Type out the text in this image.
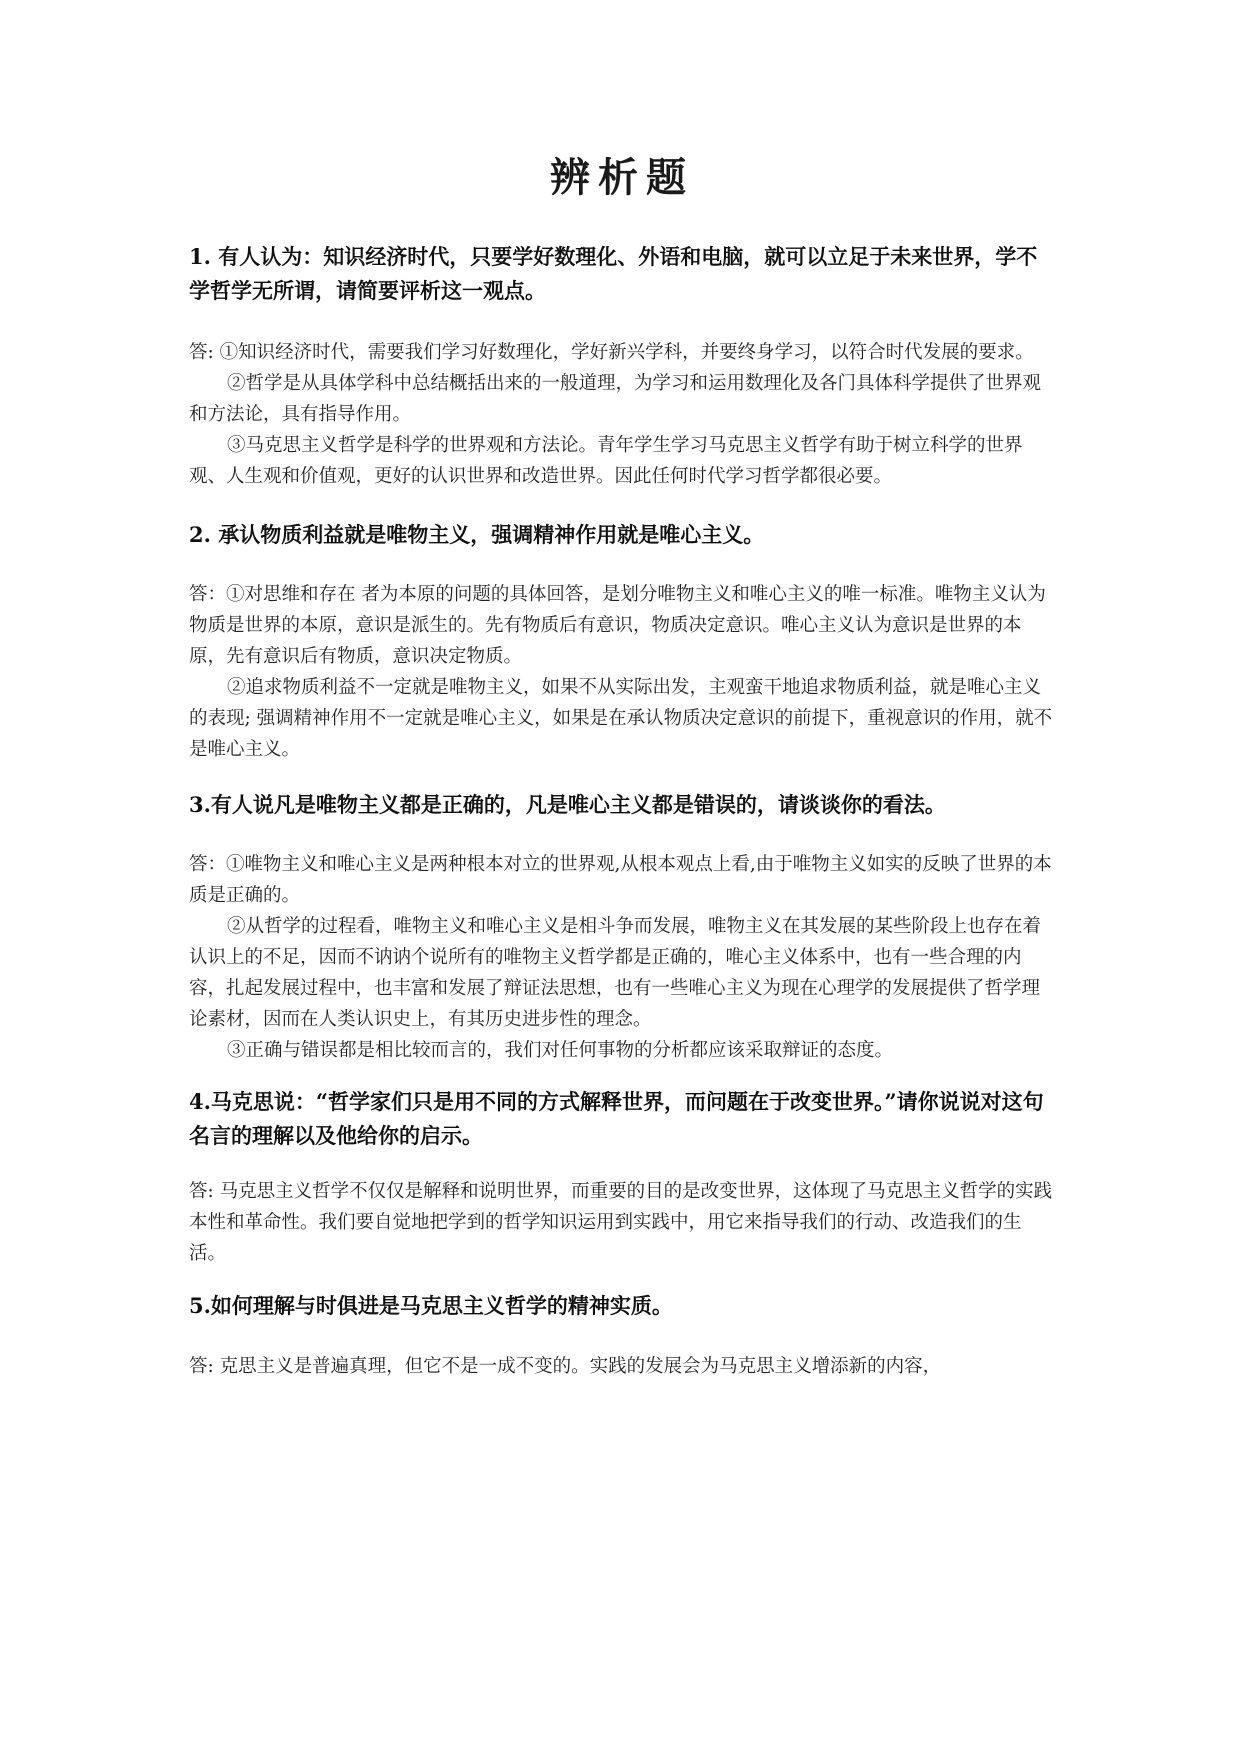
辨析题

1. 有人认为：知识经济时代，只要学好数理化、外语和电脑，就可以立足于未来世界，学不学哲学无所谓，请简要评析这一观点。

答: ①知识经济时代，需要我们学习好数理化，学好新兴学科，并要终身学习，以符合时代发展的要求。

②哲学是从具体学科中总结概括出来的一般道理，为学习和运用数理化及各门具体科学提供了世界观和方法论，具有指导作用。

③马克思主义哲学是科学的世界观和方法论。青年学生学习马克思主义哲学有助于树立科学的世界观、人生观和价值观，更好的认识世界和改造世界。因此任何时代学习哲学都很必要。

2. 承认物质利益就是唯物主义，强调精神作用就是唯心主义。

答：①对思维和存在 者为本原的问题的具体回答，是划分唯物主义和唯心主义的唯一标准。唯物主义认为物质是世界的本原，意识是派生的。先有物质后有意识，物质决定意识。唯心主义认为意识是世界的本原，先有意识后有物质，意识决定物质。

②追求物质利益不一定就是唯物主义，如果不从实际出发，主观蛮干地追求物质利益，就是唯心主义的表现; 强调精神作用不一定就是唯心主义，如果是在承认物质决定意识的前提下，重视意识的作用，就不是唯心主义。

3.有人说凡是唯物主义都是正确的，凡是唯心主义都是错误的，请谈谈你的看法。

答：①唯物主义和唯心主义是两种根本对立的世界观,从根本观点上看,由于唯物主义如实的反映了世界的本质是正确的。

②从哲学的过程看，唯物主义和唯心主义是相斗争而发展，唯物主义在其发展的某些阶段上也存在着认识上的不足，因而不讷讷个说所有的唯物主义哲学都是正确的，唯心主义体系中，也有一些合理的内容，扎起发展过程中，也丰富和发展了辩证法思想，也有一些唯心主义为现在心理学的发展提供了哲学理论素材，因而在人类认识史上，有其历史进步性的理念。

③正确与错误都是相比较而言的，我们对任何事物的分析都应该采取辩证的态度。

4.马克思说：“哲学家们只是用不同的方式解释世界，而问题在于改变世界。”请你说说对这句名言的理解以及他给你的启示。

答: 马克思主义哲学不仅仅是解释和说明世界，而重要的目的是改变世界，这体现了马克思主义哲学的实践本性和革命性。我们要自觉地把学到的哲学知识运用到实践中，用它来指导我们的行动、改造我们的生活。

5.如何理解与时俱进是马克思主义哲学的精神实质。

答: 克思主义是普遍真理，但它不是一成不变的。实践的发展会为马克思主义增添新的内容，
